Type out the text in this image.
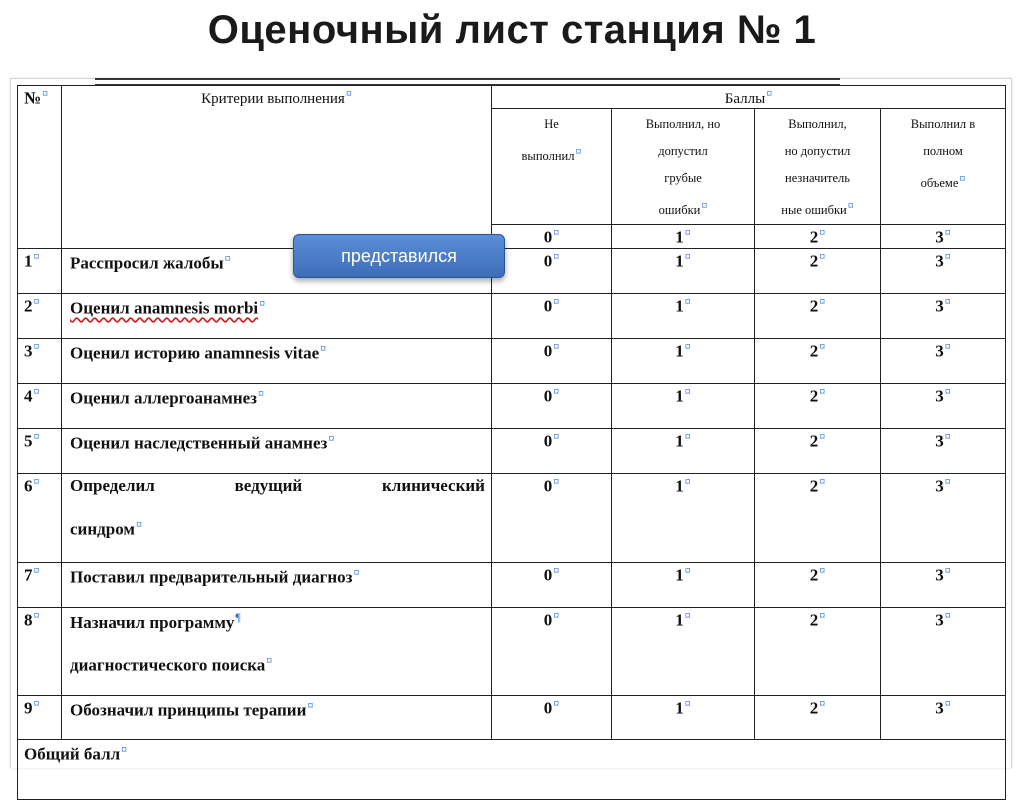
Оценочный лист станция № 1
№¤	Критерии выполнения¤	Баллы¤
		Не
выполнил¤	Выполнил, но
допустил
грубые
ошибки¤	Выполнил,
но допустил
незначитель
ные ошибки¤	Выполнил в
полном
объеме¤
		0¤	1¤	2¤	3¤
1¤	Расспросил жалобы¤	0¤	1¤	2¤	3¤
2¤	Оценил anamnesis morbi¤	0¤	1¤	2¤	3¤
3¤	Оценил историю anamnesis vitae¤	0¤	1¤	2¤	3¤
4¤	Оценил аллергоанамнез¤	0¤	1¤	2¤	3¤
5¤	Оценил наследственный анамнез¤	0¤	1¤	2¤	3¤
6¤	Определил ведущий клинический
синдром¤	0¤	1¤	2¤	3¤
7¤	Поставил предварительный диагноз¤	0¤	1¤	2¤	3¤
8¤	Назначил программу¶
диагностического поиска¤	0¤	1¤	2¤	3¤
9¤	Обозначил принципы терапии¤	0¤	1¤	2¤	3¤
Общий балл¤
представился
